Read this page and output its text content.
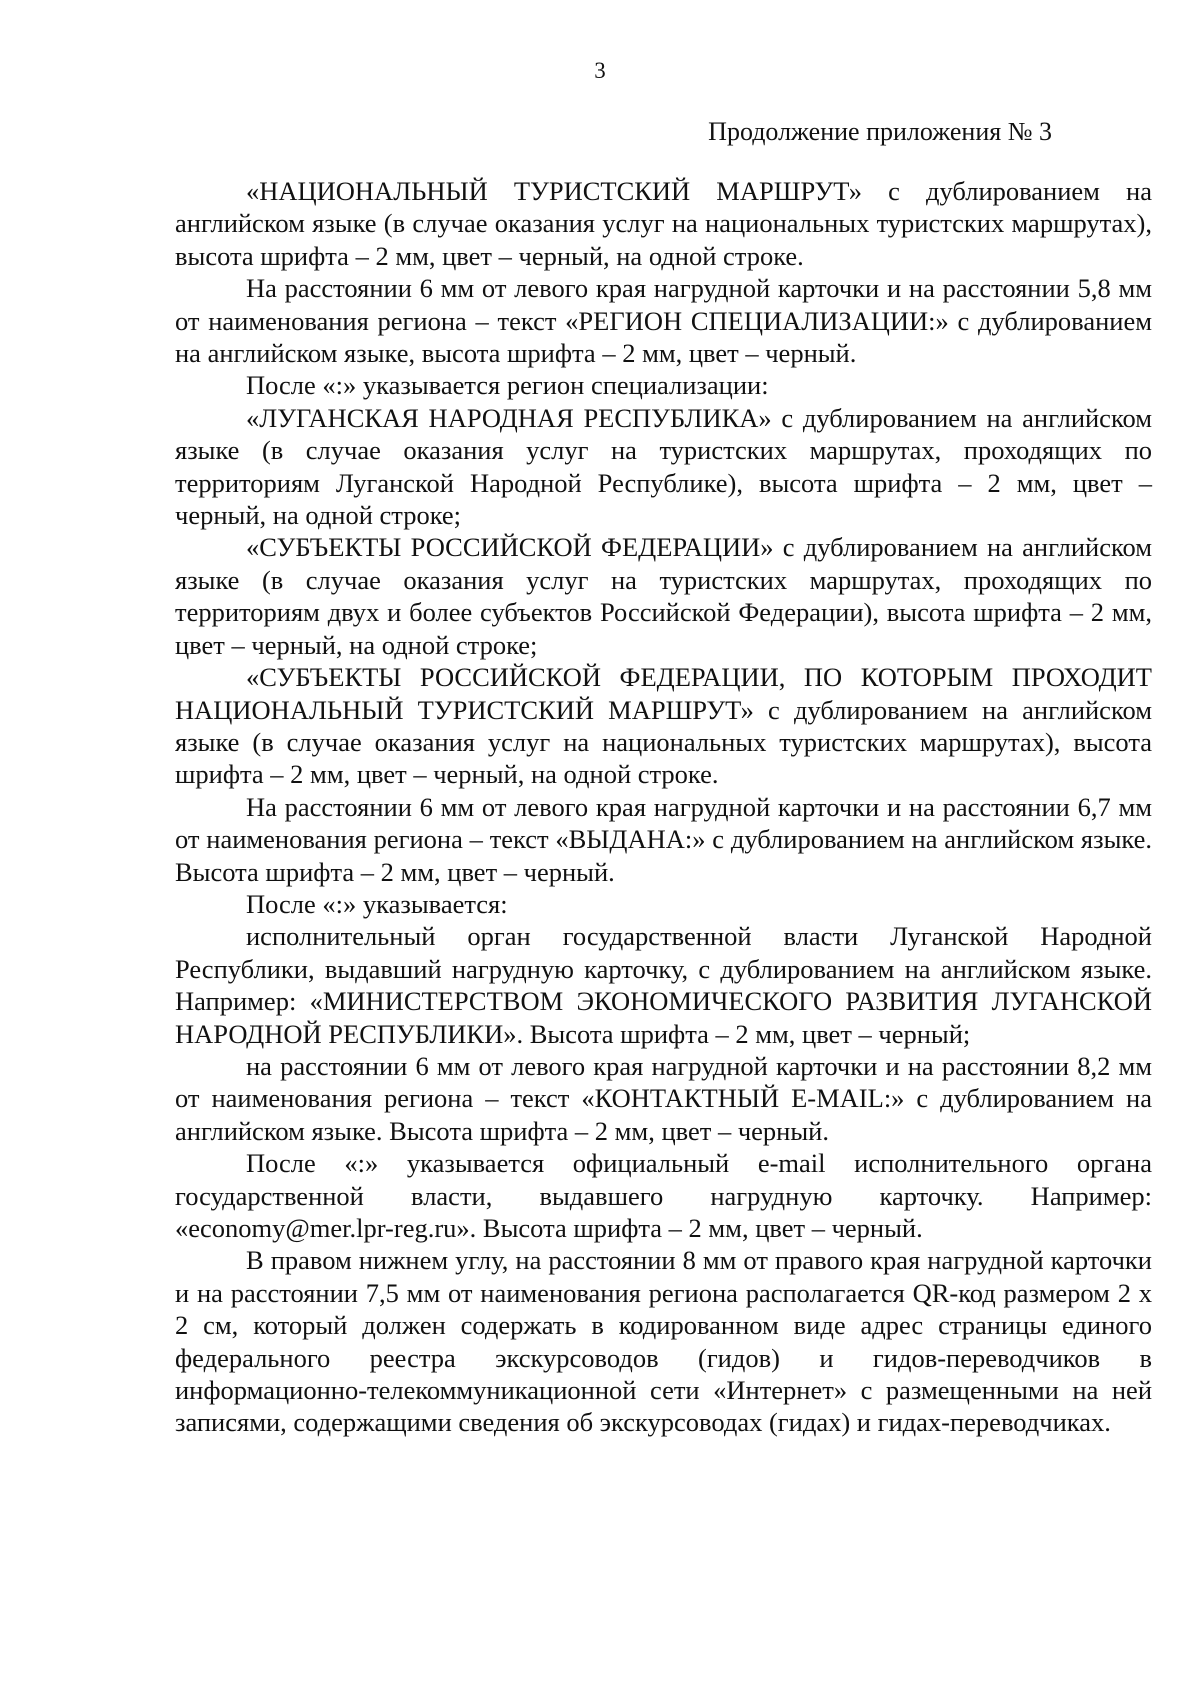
3
Продолжение приложения № 3

«НАЦИОНАЛЬНЫЙ ТУРИСТСКИЙ МАРШРУТ» с дублированием на английском языке (в случае оказания услуг на национальных туристских маршрутах), высота шрифта – 2 мм, цвет – черный, на одной строке.

На расстоянии 6 мм от левого края нагрудной карточки и на расстоянии 5,8 мм от наименования региона – текст «РЕГИОН СПЕЦИАЛИЗАЦИИ:» с дублированием на английском языке, высота шрифта – 2 мм, цвет – черный.

После «:» указывается регион специализации:

«ЛУГАНСКАЯ НАРОДНАЯ РЕСПУБЛИКА» с дублированием на английском языке (в случае оказания услуг на туристских маршрутах, проходящих по территориям Луганской Народной Республике), высота шрифта – 2 мм, цвет – черный, на одной строке;

«СУБЪЕКТЫ РОССИЙСКОЙ ФЕДЕРАЦИИ» с дублированием на английском языке (в случае оказания услуг на туристских маршрутах, проходящих по территориям двух и более субъектов Российской Федерации), высота шрифта – 2 мм, цвет – черный, на одной строке;

«СУБЪЕКТЫ РОССИЙСКОЙ ФЕДЕРАЦИИ, ПО КОТОРЫМ ПРОХОДИТ НАЦИОНАЛЬНЫЙ ТУРИСТСКИЙ МАРШРУТ» с дублированием на английском языке (в случае оказания услуг на национальных туристских маршрутах), высота шрифта – 2 мм, цвет – черный, на одной строке.

На расстоянии 6 мм от левого края нагрудной карточки и на расстоянии 6,7 мм от наименования региона – текст «ВЫДАНА:» с дублированием на английском языке. Высота шрифта – 2 мм, цвет – черный.

После «:» указывается:

исполнительный орган государственной власти Луганской Народной Республики, выдавший нагрудную карточку, с дублированием на английском языке. Например: «МИНИСТЕРСТВОМ ЭКОНОМИЧЕСКОГО РАЗВИТИЯ ЛУГАНСКОЙ НАРОДНОЙ РЕСПУБЛИКИ». Высота шрифта – 2 мм, цвет – черный;

на расстоянии 6 мм от левого края нагрудной карточки и на расстоянии 8,2 мм от наименования региона – текст «КОНТАКТНЫЙ E-MAIL:» с дублированием на английском языке. Высота шрифта – 2 мм, цвет – черный.

После «:» указывается официальный e-mail исполнительного органа государственной власти, выдавшего нагрудную карточку. Например: «economy@mer.lpr-reg.ru». Высота шрифта – 2 мм, цвет – черный.

В правом нижнем углу, на расстоянии 8 мм от правого края нагрудной карточки и на расстоянии 7,5 мм от наименования региона располагается QR-код размером 2 х 2 см, который должен содержать в кодированном виде адрес страницы единого федерального реестра экскурсоводов (гидов) и гидов-переводчиков в информационно-телекоммуникационной сети «Интернет» с размещенными на ней записями, содержащими сведения об экскурсоводах (гидах) и гидах-переводчиках.
